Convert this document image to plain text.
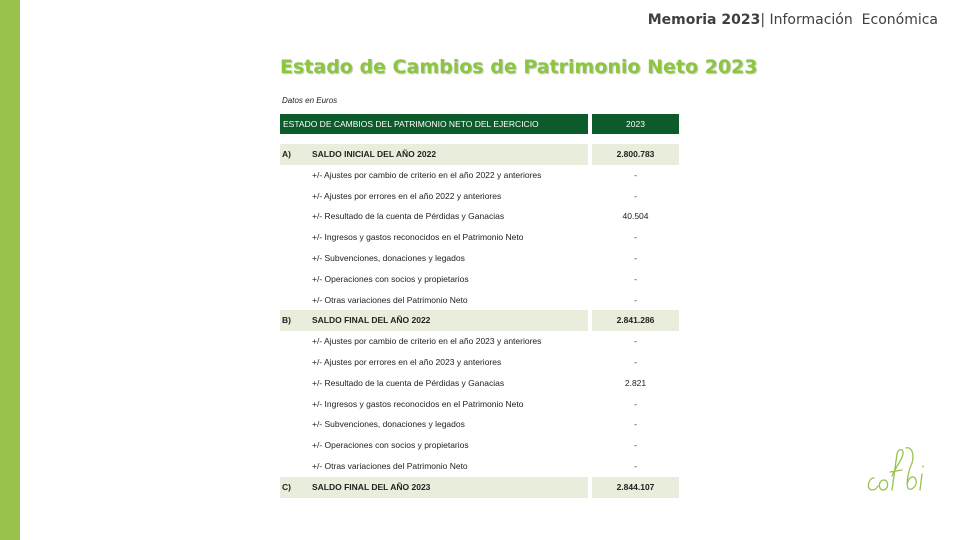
Memoria 2023| Información  Económica
Estado de Cambios de Patrimonio Neto 2023
Datos en Euros
ESTADO DE CAMBIOS DEL PATRIMONIO NETO DEL EJERCICIO	2023
A) SALDO INICIAL DEL AÑO 2022	2.800.783
+/- Ajustes por cambio de criterio en el año 2022 y anteriores	-
+/- Ajustes por errores en el año 2022 y anteriores	-
+/- Resultado de la cuenta de Pérdidas y Ganacias	40.504
+/- Ingresos y gastos reconocidos en el Patrimonio Neto	-
+/- Subvenciones, donaciones y legados	-
+/- Operaciones con socios y propietarios	-
+/- Otras variaciones del Patrimonio Neto	-
B) SALDO FINAL DEL AÑO 2022	2.841.286
+/- Ajustes por cambio de criterio en el año 2023 y anteriores	-
+/- Ajustes por errores en el año 2023 y anteriores	-
+/- Resultado de la cuenta de Pérdidas y Ganacias	2.821
+/- Ingresos y gastos reconocidos en el Patrimonio Neto	-
+/- Subvenciones, donaciones y legados	-
+/- Operaciones con socios y propietarios	-
+/- Otras variaciones del Patrimonio Neto	-
C) SALDO FINAL DEL AÑO 2023	2.844.107
